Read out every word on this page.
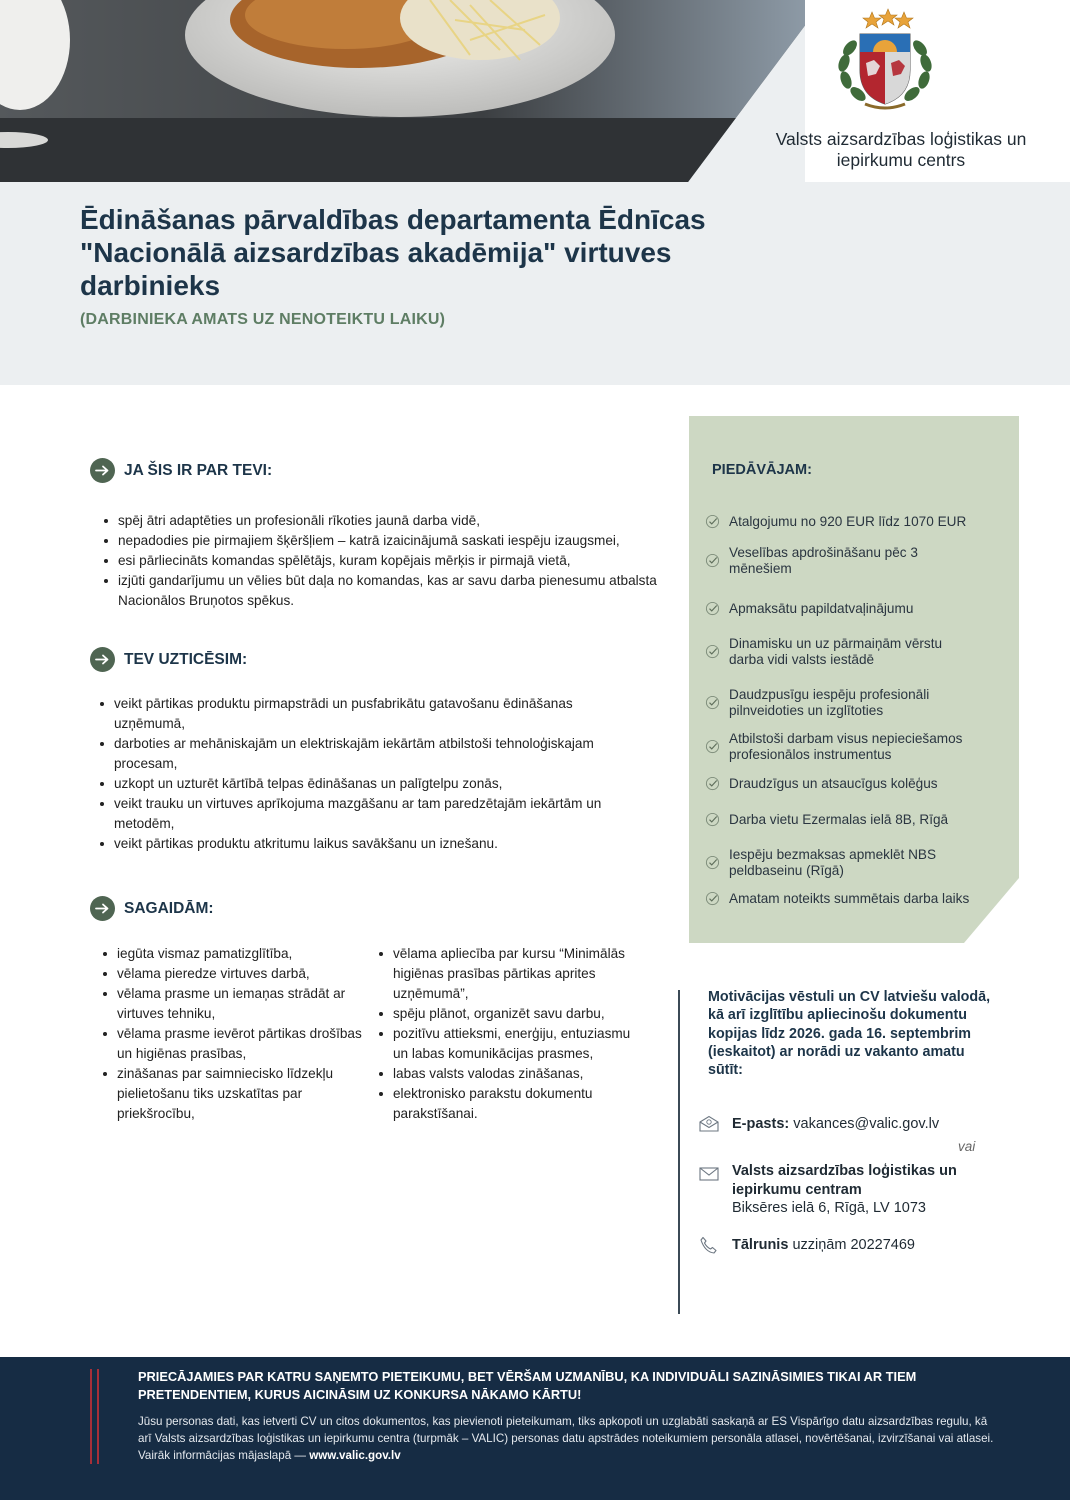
Valsts aizsardzības loģistikas un iepirkumu centrs
Ēdināšanas pārvaldības departamenta Ēdnīcas "Nacionālā aizsardzības akadēmija" virtuves darbinieks
(DARBINIEKA AMATS UZ NENOTEIKTU LAIKU)
JA ŠIS IR PAR TEVI:
spēj ātri adaptēties un profesionāli rīkoties jaunā darba vidē,
nepadodies pie pirmajiem šķēršļiem – katrā izaicinājumā saskati iespēju izaugsmei,
esi pārliecināts komandas spēlētājs, kuram kopējais mērķis ir pirmajā vietā,
izjūti gandarījumu un vēlies būt daļa no komandas, kas ar savu darba pienesumu atbalsta Nacionālos Bruņotos spēkus.
TEV UZTICĒSIM:
veikt pārtikas produktu pirmapstrādi un pusfabrikātu gatavošanu ēdināšanas uzņēmumā,
darboties ar mehāniskajām un elektriskajām iekārtām atbilstoši tehnoloģiskajam procesam,
uzkopt un uzturēt kārtībā telpas ēdināšanas un palīgtelpu zonās,
veikt trauku un virtuves aprīkojuma mazgāšanu ar tam paredzētajām iekārtām un metodēm,
veikt pārtikas produktu atkritumu laikus savākšanu un iznešanu.
SAGAIDĀM:
iegūta vismaz pamatizglītība,
vēlama pieredze virtuves darbā,
vēlama prasme un iemaņas strādāt ar virtuves tehniku,
vēlama prasme ievērot pārtikas drošības un higiēnas prasības,
zināšanas par saimniecisko līdzekļu pielietošanu tiks uzskatītas par priekšrocību,
vēlama apliecība par kursu “Minimālās higiēnas prasības pārtikas aprites uzņēmumā”,
spēju plānot, organizēt savu darbu,
pozitīvu attieksmi, enerģiju, entuziasmu un labas komunikācijas prasmes,
labas valsts valodas zināšanas,
elektronisko parakstu dokumentu parakstīšanai.
PIEDĀVĀJAM:
Atalgojumu no 920 EUR līdz 1070 EUR
Veselības apdrošināšanu pēc 3 mēnešiem
Apmaksātu papildatvaļinājumu
Dinamisku un uz pārmaiņām vērstu darba vidi valsts iestādē
Daudzpusīgu iespēju profesionāli pilnveidoties un izglītoties
Atbilstoši darbam visus nepieciešamos profesionālos instrumentus
Draudzīgus un atsaucīgus kolēģus
Darba vietu Ezermalas ielā 8B, Rīgā
Iespēju bezmaksas apmeklēt NBS peldbaseinu (Rīgā)
Amatam noteikts summētais darba laiks
Motivācijas vēstuli un CV latviešu valodā, kā arī izglītību apliecinošu dokumentu kopijas līdz 2026. gada 16. septembrim (ieskaitot) ar norādi uz vakanto amatu sūtīt:
E-pasts: vakances@valic.gov.lv
vai
Valsts aizsardzības loģistikas un iepirkumu centram
Biksēres ielā 6, Rīgā, LV 1073
Tālrunis uzziņām 20227469
PRIECĀJAMIES PAR KATRU SAŅEMTO PIETEIKUMU, BET VĒRŠAM UZMANĪBU, KA INDIVIDUĀLI SAZINĀSIMIES TIKAI AR TIEM PRETENDENTIEM, KURUS AICINĀSIM UZ KONKURSA NĀKAMO KĀRTU!
Jūsu personas dati, kas ietverti CV un citos dokumentos, kas pievienoti pieteikumam, tiks apkopoti un uzglabāti saskaņā ar ES Vispārīgo datu aizsardzības regulu, kā arī Valsts aizsardzības loģistikas un iepirkumu centra (turpmāk – VALIC) personas datu apstrādes noteikumiem personāla atlasei, novērtēšanai, izvirzīšanai vai atlasei. Vairāk informācijas mājaslapā — www.valic.gov.lv
